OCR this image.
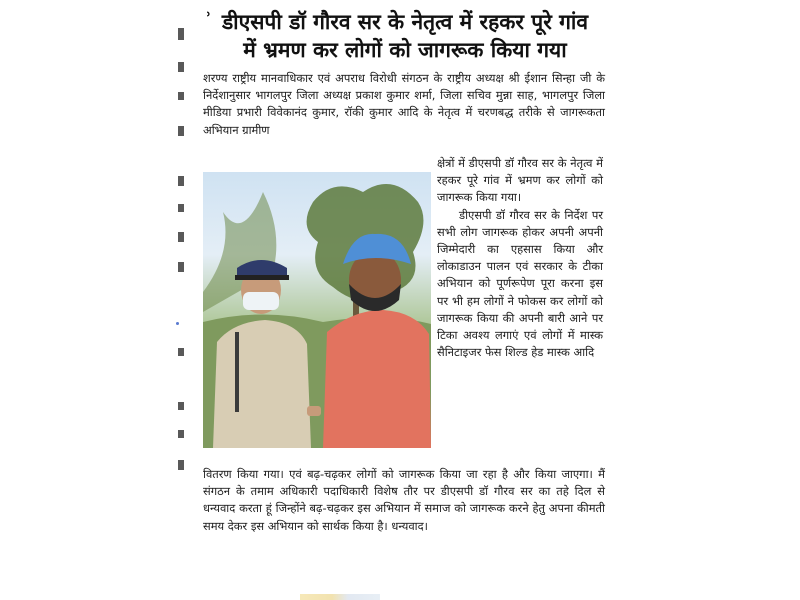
ʾ डीएसपी डॉ गौरव सर के नेतृत्व में रहकर पूरे गांव
में भ्रमण कर लोगों को जागरूक किया गया
शरण्य राष्ट्रीय मानवाधिकार एवं अपराध विरोधी संगठन के राष्ट्रीय अध्यक्ष श्री ईशान सिन्हा जी के निर्देशानुसार भागलपुर जिला अध्यक्ष प्रकाश कुमार शर्मा, जिला सचिव मुन्ना साह, भागलपुर जिला मीडिया प्रभारी विवेकानंद कुमार, रॉकी कुमार आदि के नेतृत्व में चरणबद्ध तरीके से जागरूकता अभियान ग्रामीण
क्षेत्रों में डीएसपी डॉ गौरव सर के नेतृत्व में रहकर पूरे गांव में भ्रमण कर लोगों को जागरूक किया गया।
डीएसपी डॉ गौरव सर के निर्देश पर सभी लोग जागरूक होकर अपनी अपनी जिम्मेदारी का एहसास किया और लोकाडाउन पालन एवं सरकार के टीका अभियान को पूर्णरूपेण पूरा करना इस पर भी हम लोगों ने फोकस कर लोगों को जागरूक किया की अपनी बारी आने पर टिका अवश्य लगाएं एवं लोगों में मास्क सैनिटाइजर फेस शिल्ड हेड मास्क आदि
वितरण किया गया। एवं बढ़-चढ़कर लोगों को जागरूक किया जा रहा है और किया जाएगा। मैं संगठन के तमाम अधिकारी पदाधिकारी विशेष तौर पर डीएसपी डॉ गौरव सर का तहे दिल से धन्यवाद करता हूं जिन्होंने बढ़-चढ़कर इस अभियान में समाज को जागरूक करने हेतु अपना कीमती समय देकर इस अभियान को सार्थक किया है। धन्यवाद।
